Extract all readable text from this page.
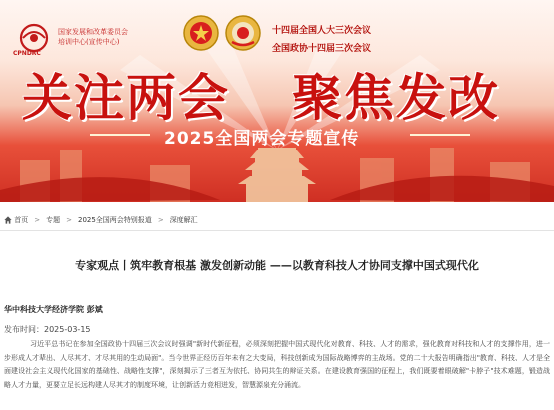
CPNDRC
国家发展和改革委员会
培训中心(宣传中心)
十四届全国人大三次会议
全国政协十四届三次会议
关注两会 聚焦发改
2025全国两会专题宣传
首页 > 专题 > 2025全国两会特别报道 > 深度解汇
专家观点丨筑牢教育根基 激发创新动能 ——以教育科技人才协同支撑中国式现代化
华中科技大学经济学院 彭斌
发布时间：2025-03-15

习近平总书记在参加全国政协十四届三次会议时强调"新时代新征程，必须深刻把握中国式现代化对教育、科技、人才的需求，强化教育对科技和人才的支撑作用，进一步形成人才辈出、人尽其才、才尽其用的生动局面"。当今世界正经历百年未有之大变局，科技创新成为国际战略博弈的主战场。党的二十大报告明确指出"教育、科技、人才是全面建设社会主义现代化国家的基础性、战略性支撑"，深刻揭示了三者互为依托、协同共生的辩证关系。在建设教育强国的征程上，我们既要着眼破解"卡脖子"技术难题，锻造战略人才力量，更要立足长远构建人尽其才的制度环境，让创新活力竞相迸发，智慧源泉充分涌流。
